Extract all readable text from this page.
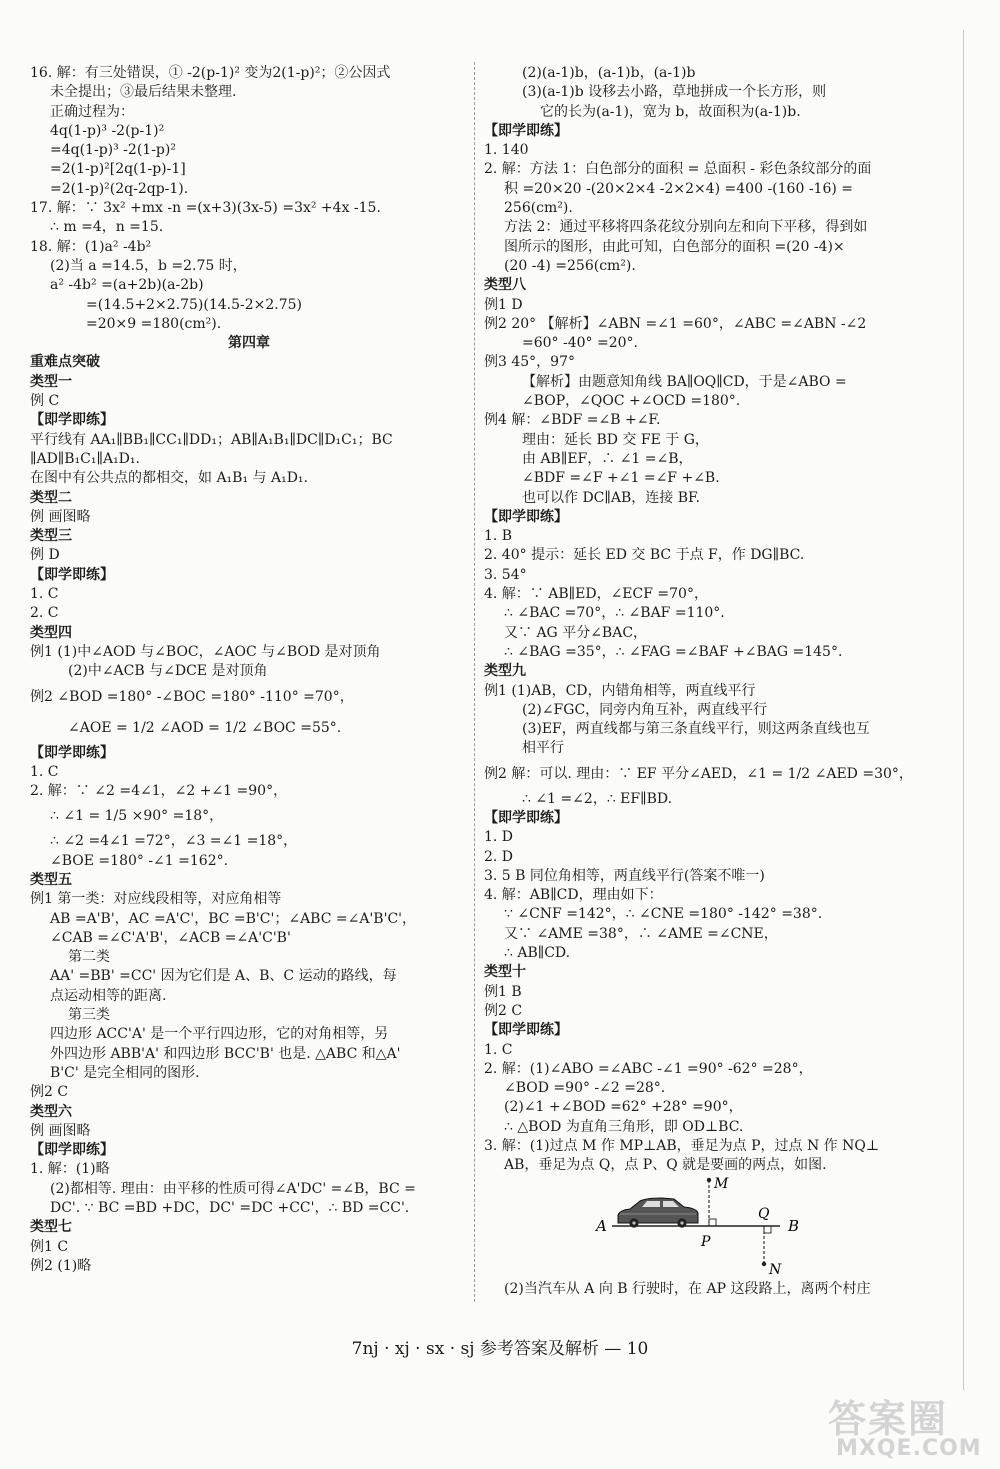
16. 解：有三处错误，① -2(p-1)² 变为2(1-p)²；②公因式
未全提出；③最后结果未整理.
正确过程为：
4q(1-p)³ -2(p-1)²
=4q(1-p)³ -2(1-p)²
=2(1-p)²[2q(1-p)-1]
=2(1-p)²(2q-2qp-1).
17. 解：∵ 3x² +mx -n =(x+3)(3x-5) =3x² +4x -15.
∴ m =4，n =15.
18. 解：(1)a² -4b²
(2)当 a =14.5，b =2.75 时，
a² -4b² =(a+2b)(a-2b)
=(14.5+2×2.75)(14.5-2×2.75)
=20×9 =180(cm²).
第四章
重难点突破
类型一
例 C
【即学即练】
平行线有 AA₁∥BB₁∥CC₁∥DD₁；AB∥A₁B₁∥DC∥D₁C₁；BC
∥AD∥B₁C₁∥A₁D₁.
在图中有公共点的都相交，如 A₁B₁ 与 A₁D₁.
类型二
例 画图略
类型三
例 D
【即学即练】
1. C
2. C
类型四
例1 (1)中∠AOD 与∠BOC，∠AOC 与∠BOD 是对顶角
(2)中∠ACB 与∠DCE 是对顶角
例2 ∠BOD =180° -∠BOC =180° -110° =70°，
∠AOE = 1/2 ∠AOD = 1/2 ∠BOC =55°.
【即学即练】
1. C
2. 解：∵ ∠2 =4∠1，∠2 +∠1 =90°，
∴ ∠1 = 1/5 ×90° =18°，
∴ ∠2 =4∠1 =72°，∠3 =∠1 =18°，
∠BOE =180° -∠1 =162°.
类型五
例1 第一类：对应线段相等，对应角相等
AB =A'B'，AC =A'C'，BC =B'C'；∠ABC =∠A'B'C'，
∠CAB =∠C'A'B'，∠ACB =∠A'C'B'
第二类
AA' =BB' =CC' 因为它们是 A、B、C 运动的路线，每
点运动相等的距离.
第三类
四边形 ACC'A' 是一个平行四边形，它的对角相等，另
外四边形 ABB'A' 和四边形 BCC'B' 也是. △ABC 和△A'
B'C' 是完全相同的图形.
例2 C
类型六
例 画图略
【即学即练】
1. 解：(1)略
(2)都相等. 理由：由平移的性质可得∠A'DC' =∠B，BC =
DC'. ∵ BC =BD +DC，DC' =DC +CC'，∴ BD =CC'.
类型七
例1 C
例2 (1)略
(2)(a-1)b，(a-1)b，(a-1)b
(3)(a-1)b 设移去小路，草地拼成一个长方形，则
它的长为(a-1)，宽为 b，故面积为(a-1)b.
【即学即练】
1. 140
2. 解：方法 1：白色部分的面积 = 总面积 - 彩色条纹部分的面
积 =20×20 -(20×2×4 -2×2×4) =400 -(160 -16) =
256(cm²).
方法 2：通过平移将四条花纹分别向左和向下平移，得到如
图所示的图形，由此可知，白色部分的面积 =(20 -4)×
(20 -4) =256(cm²).
类型八
例1 D
例2 20° 【解析】∠ABN =∠1 =60°，∠ABC =∠ABN -∠2
=60° -40° =20°.
例3 45°，97°
【解析】由题意知角线 BA∥OQ∥CD，于是∠ABO =
∠BOP，∠QOC +∠OCD =180°.
例4 解：∠BDF =∠B +∠F.
理由：延长 BD 交 FE 于 G，
由 AB∥EF，∴ ∠1 =∠B，
∠BDF =∠F +∠1 =∠F +∠B.
也可以作 DC∥AB，连接 BF.
【即学即练】
1. B
2. 40° 提示：延长 ED 交 BC 于点 F，作 DG∥BC.
3. 54°
4. 解：∵ AB∥ED，∠ECF =70°，
∴ ∠BAC =70°，∴ ∠BAF =110°.
又∵ AG 平分∠BAC，
∴ ∠BAG =35°，∴ ∠FAG =∠BAF +∠BAG =145°.
类型九
例1 (1)AB，CD，内错角相等，两直线平行
(2)∠FGC，同旁内角互补，两直线平行
(3)EF，两直线都与第三条直线平行，则这两条直线也互
相平行
例2 解：可以. 理由：∵ EF 平分∠AED，∠1 = 1/2 ∠AED =30°，
∴ ∠1 =∠2，∴ EF∥BD.
【即学即练】
1. D
2. D
3. 5 B 同位角相等，两直线平行(答案不唯一)
4. 解：AB∥CD，理由如下：
∵ ∠CNF =142°，∴ ∠CNE =180° -142° =38°.
又∵ ∠AME =38°，∴ ∠AME =∠CNE，
∴ AB∥CD.
类型十
例1 B
例2 C
【即学即练】
1. C
2. 解：(1)∠ABO =∠ABC -∠1 =90° -62° =28°，
∠BOD =90° -∠2 =28°.
(2)∠1 +∠BOD =62° +28° =90°，
∴ △BOD 为直角三角形，即 OD⊥BC.
3. 解：(1)过点 M 作 MP⊥AB，垂足为点 P，过点 N 作 NQ⊥
AB，垂足为点 Q，点 P、Q 就是要画的两点，如图.
A	B
M
N
P
Q
(2)当汽车从 A 向 B 行驶时，在 AP 这段路上，离两个村庄
7nj · xj · sx · sj 参考答案及解析 — 10
答案圈
MXQE.COM
